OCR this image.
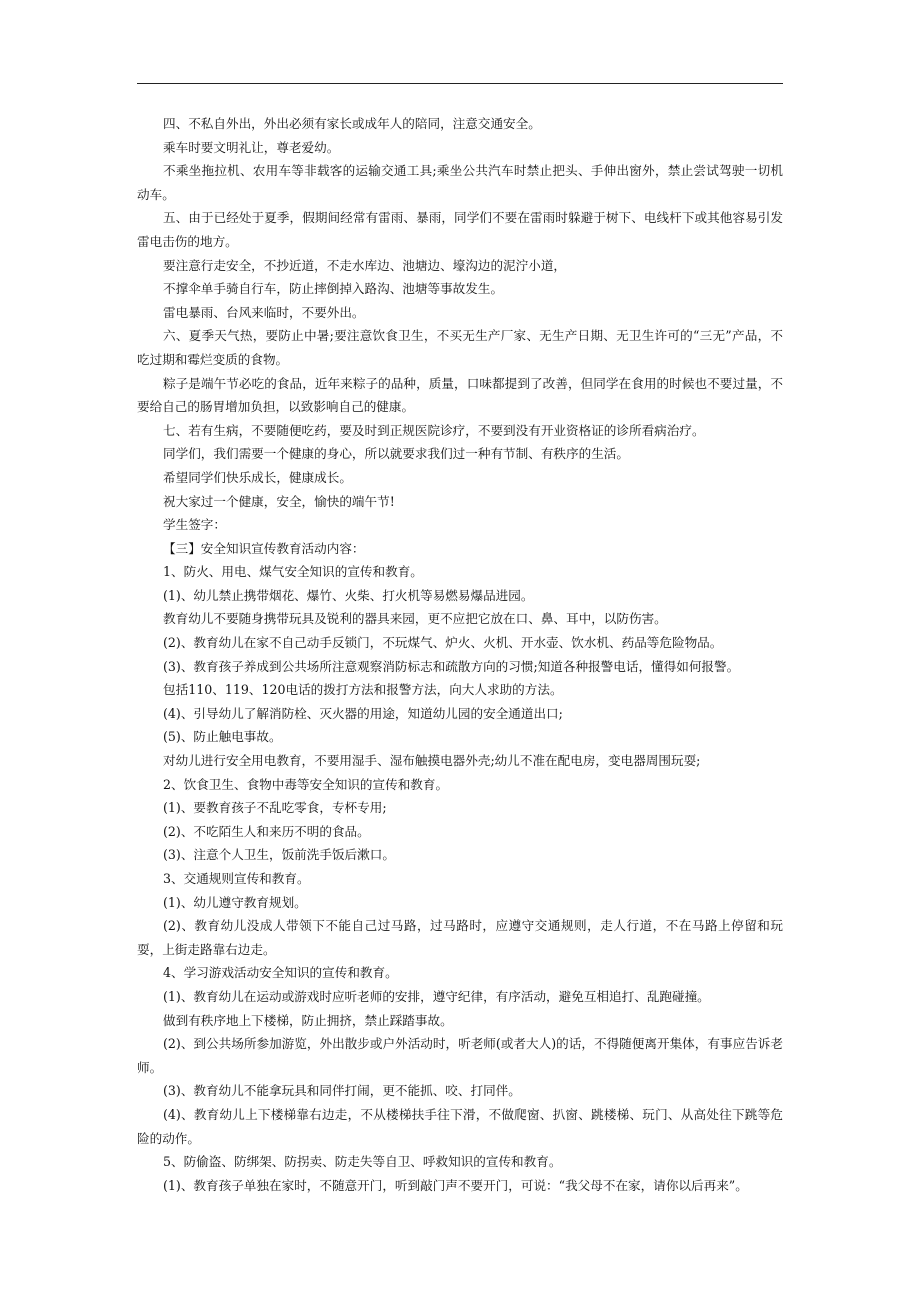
四、不私自外出，外出必须有家长或成年人的陪同，注意交通安全。

乘车时要文明礼让，尊老爱幼。

不乘坐拖拉机、农用车等非载客的运输交通工具;乘坐公共汽车时禁止把头、手伸出窗外，禁止尝试驾驶一切机动车。

五、由于已经处于夏季，假期间经常有雷雨、暴雨，同学们不要在雷雨时躲避于树下、电线杆下或其他容易引发雷电击伤的地方。

要注意行走安全，不抄近道，不走水库边、池塘边、壕沟边的泥泞小道，

不撑伞单手骑自行车，防止摔倒掉入路沟、池塘等事故发生。

雷电暴雨、台风来临时，不要外出。

六、夏季天气热，要防止中暑;要注意饮食卫生，不买无生产厂家、无生产日期、无卫生许可的“三无”产品，不吃过期和霉烂变质的食物。

粽子是端午节必吃的食品，近年来粽子的品种，质量，口味都提到了改善，但同学在食用的时候也不要过量，不要给自己的肠胃增加负担，以致影响自己的健康。

七、若有生病，不要随便吃药，要及时到正规医院诊疗，不要到没有开业资格证的诊所看病治疗。

同学们，我们需要一个健康的身心，所以就要求我们过一种有节制、有秩序的生活。

希望同学们快乐成长，健康成长。

祝大家过一个健康，安全，愉快的端午节!

学生签字：

【三】安全知识宣传教育活动内容：

1、防火、用电、煤气安全知识的宣传和教育。

(1)、幼儿禁止携带烟花、爆竹、火柴、打火机等易燃易爆品进园。

教育幼儿不要随身携带玩具及锐利的器具来园，更不应把它放在口、鼻、耳中，以防伤害。

(2)、教育幼儿在家不自己动手反锁门，不玩煤气、炉火、火机、开水壶、饮水机、药品等危险物品。

(3)、教育孩子养成到公共场所注意观察消防标志和疏散方向的习惯;知道各种报警电话，懂得如何报警。

包括110、119、120电话的拨打方法和报警方法，向大人求助的方法。

(4)、引导幼儿了解消防栓、灭火器的用途，知道幼儿园的安全通道出口;

(5)、防止触电事故。

对幼儿进行安全用电教育，不要用湿手、湿布触摸电器外壳;幼儿不准在配电房，变电器周围玩耍;

2、饮食卫生、食物中毒等安全知识的宣传和教育。

(1)、要教育孩子不乱吃零食，专杯专用;

(2)、不吃陌生人和来历不明的食品。

(3)、注意个人卫生，饭前洗手饭后漱口。

3、交通规则宣传和教育。

(1)、幼儿遵守教育规划。

(2)、教育幼儿没成人带领下不能自己过马路，过马路时，应遵守交通规则，走人行道，不在马路上停留和玩耍，上街走路靠右边走。

4、学习游戏活动安全知识的宣传和教育。

(1)、教育幼儿在运动或游戏时应听老师的安排，遵守纪律，有序活动，避免互相追打、乱跑碰撞。

做到有秩序地上下楼梯，防止拥挤，禁止踩踏事故。

(2)、到公共场所参加游览，外出散步或户外活动时，听老师(或者大人)的话，不得随便离开集体，有事应告诉老师。

(3)、教育幼儿不能拿玩具和同伴打闹，更不能抓、咬、打同伴。

(4)、教育幼儿上下楼梯靠右边走，不从楼梯扶手往下滑，不做爬窗、扒窗、跳楼梯、玩门、从高处往下跳等危险的动作。

5、防偷盗、防绑架、防拐卖、防走失等自卫、呼救知识的宣传和教育。

(1)、教育孩子单独在家时，不随意开门，听到敲门声不要开门，可说：“我父母不在家，请你以后再来”。
